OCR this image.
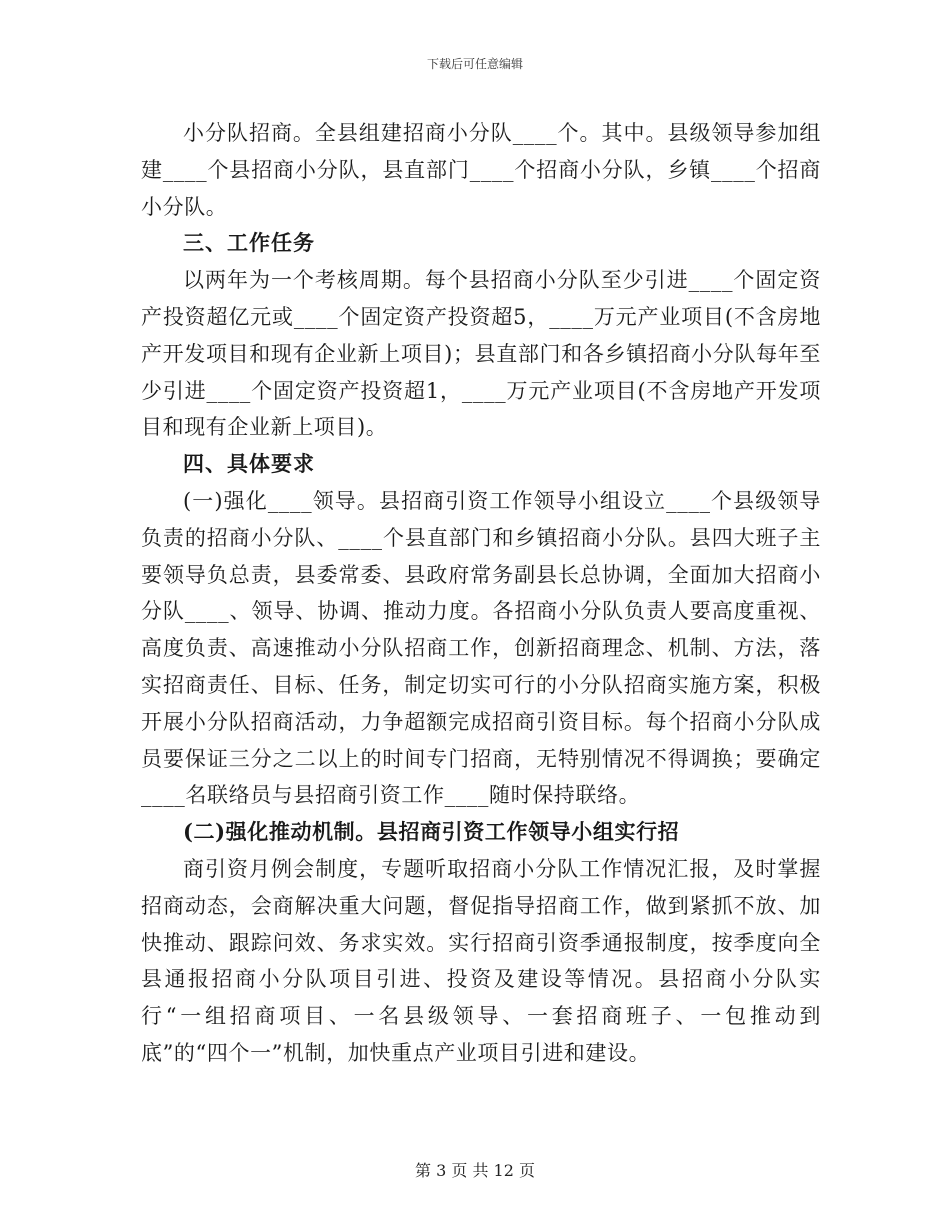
下载后可任意编辑

小分队招商。全县组建招商小分队____个。其中。县级领导参加组建____个县招商小分队，县直部门____个招商小分队，乡镇____个招商小分队。

三、工作任务

以两年为一个考核周期。每个县招商小分队至少引进____个固定资产投资超亿元或____个固定资产投资超5，____万元产业项目(不含房地产开发项目和现有企业新上项目)；县直部门和各乡镇招商小分队每年至少引进____个固定资产投资超1，____万元产业项目(不含房地产开发项目和现有企业新上项目)。

四、具体要求

(一)强化____领导。县招商引资工作领导小组设立____个县级领导负责的招商小分队、____个县直部门和乡镇招商小分队。县四大班子主要领导负总责，县委常委、县政府常务副县长总协调，全面加大招商小分队____、领导、协调、推动力度。各招商小分队负责人要高度重视、高度负责、高速推动小分队招商工作，创新招商理念、机制、方法，落实招商责任、目标、任务，制定切实可行的小分队招商实施方案，积极开展小分队招商活动，力争超额完成招商引资目标。每个招商小分队成员要保证三分之二以上的时间专门招商，无特别情况不得调换；要确定____名联络员与县招商引资工作____随时保持联络。

(二)强化推动机制。县招商引资工作领导小组实行招

商引资月例会制度，专题听取招商小分队工作情况汇报，及时掌握招商动态，会商解决重大问题，督促指导招商工作，做到紧抓不放、加快推动、跟踪问效、务求实效。实行招商引资季通报制度，按季度向全县通报招商小分队项目引进、投资及建设等情况。县招商小分队实行“一组招商项目、一名县级领导、一套招商班子、一包推动到底”的“四个一”机制，加快重点产业项目引进和建设。

第 3 页 共 12 页
